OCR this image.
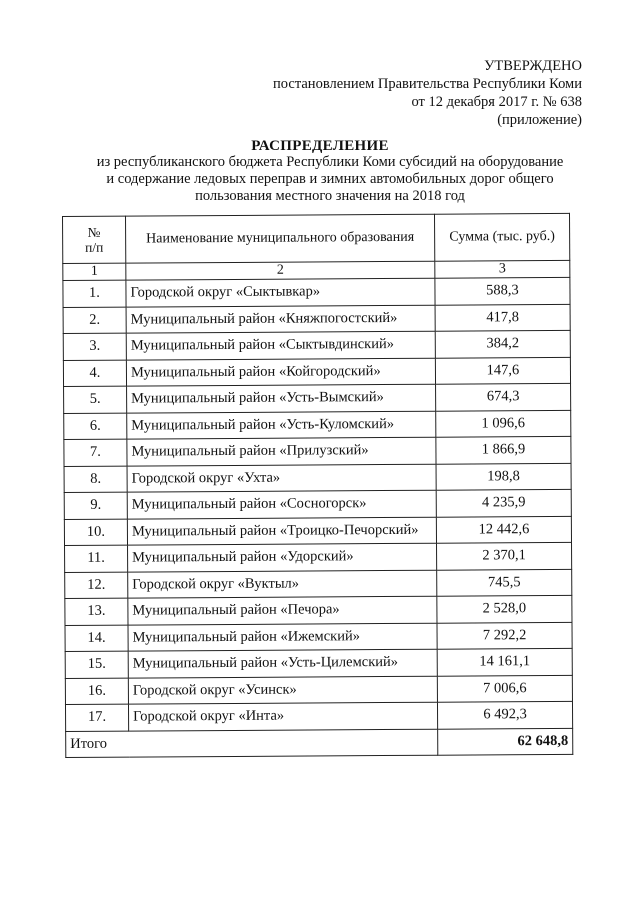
УТВЕРЖДЕНО
постановлением Правительства Республики Коми
от 12 декабря 2017 г. № 638
(приложение)
РАСПРЕДЕЛЕНИЕ
из республиканского бюджета Республики Коми субсидий на оборудование
и содержание ледовых переправ и зимних автомобильных дорог общего
пользования местного значения на 2018 год
№
п/п	Наименование муниципального образования	Сумма (тыс. руб.)
1	2	3
1.	Городской округ «Сыктывкар»	588,3
2.	Муниципальный район «Княжпогостский»	417,8
3.	Муниципальный район «Сыктывдинский»	384,2
4.	Муниципальный район «Койгородский»	147,6
5.	Муниципальный район «Усть-Вымский»	674,3
6.	Муниципальный район «Усть-Куломский»	1 096,6
7.	Муниципальный район «Прилузский»	1 866,9
8.	Городской округ «Ухта»	198,8
9.	Муниципальный район «Сосногорск»	4 235,9
10.	Муниципальный район «Троицко-Печорский»	12 442,6
11.	Муниципальный район «Удорский»	2 370,1
12.	Городской округ «Вуктыл»	745,5
13.	Муниципальный район «Печора»	2 528,0
14.	Муниципальный район «Ижемский»	7 292,2
15.	Муниципальный район «Усть-Цилемский»	14 161,1
16.	Городской округ «Усинск»	7 006,6
17.	Городской округ «Инта»	6 492,3
Итого		62 648,8
